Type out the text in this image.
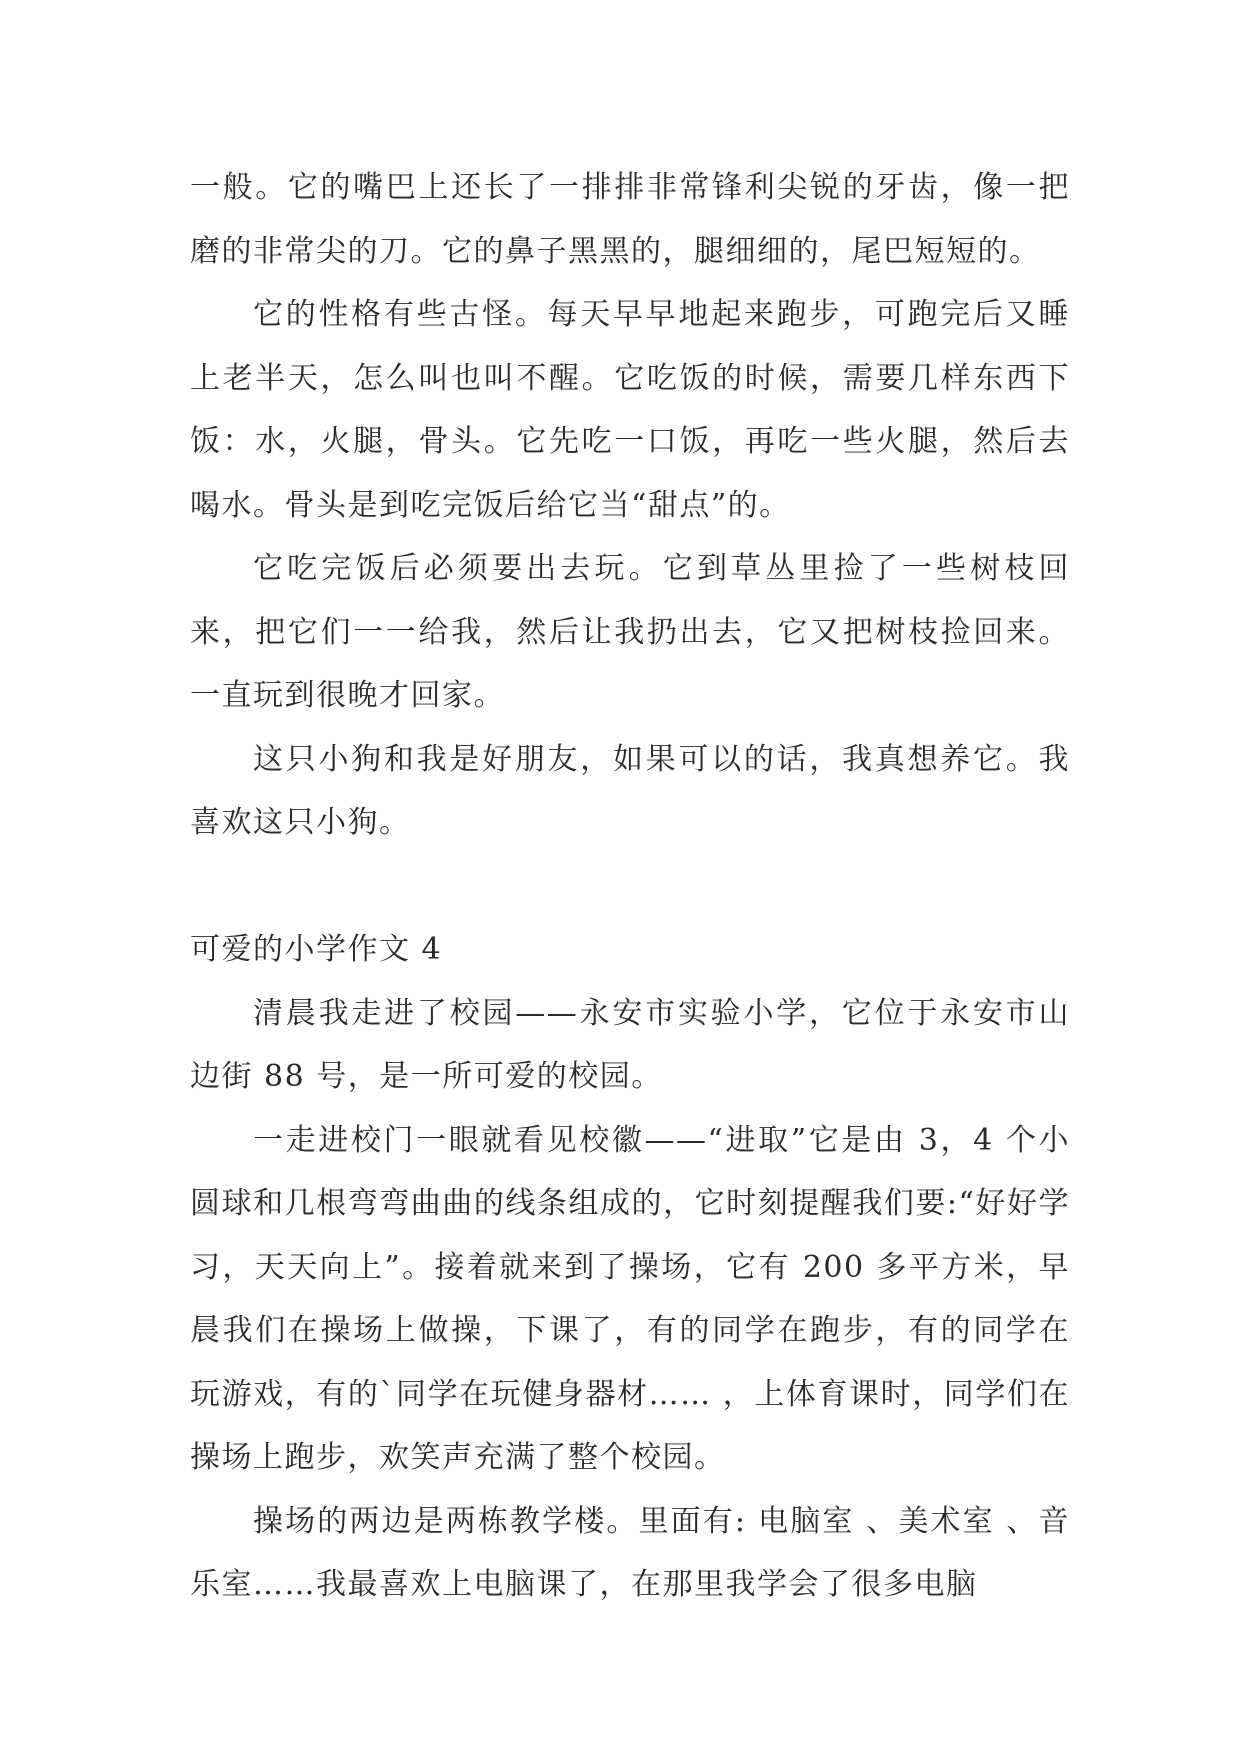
一般。它的嘴巴上还长了一排排非常锋利尖锐的牙齿，像一把磨的非常尖的刀。它的鼻子黑黑的，腿细细的，尾巴短短的。

它的性格有些古怪。每天早早地起来跑步，可跑完后又睡上老半天，怎么叫也叫不醒。它吃饭的时候，需要几样东西下饭：水，火腿，骨头。它先吃一口饭，再吃一些火腿，然后去喝水。骨头是到吃完饭后给它当“甜点”的。

它吃完饭后必须要出去玩。它到草丛里捡了一些树枝回来，把它们一一给我，然后让我扔出去，它又把树枝捡回来。一直玩到很晚才回家。

这只小狗和我是好朋友，如果可以的话，我真想养它。我喜欢这只小狗。

可爱的小学作文 4

清晨我走进了校园——永安市实验小学，它位于永安市山边街 88 号，是一所可爱的校园。

一走进校门一眼就看见校徽——“进取”它是由 3，4 个小圆球和几根弯弯曲曲的线条组成的，它时刻提醒我们要:“好好学习，天天向上”。接着就来到了操场，它有 200 多平方米，早晨我们在操场上做操，下课了，有的同学在跑步，有的同学在玩游戏，有的`同学在玩健身器材…… ，上体育课时，同学们在操场上跑步，欢笑声充满了整个校园。

操场的两边是两栋教学楼。里面有: 电脑室 、美术室 、音乐室……我最喜欢上电脑课了，在那里我学会了很多电脑
